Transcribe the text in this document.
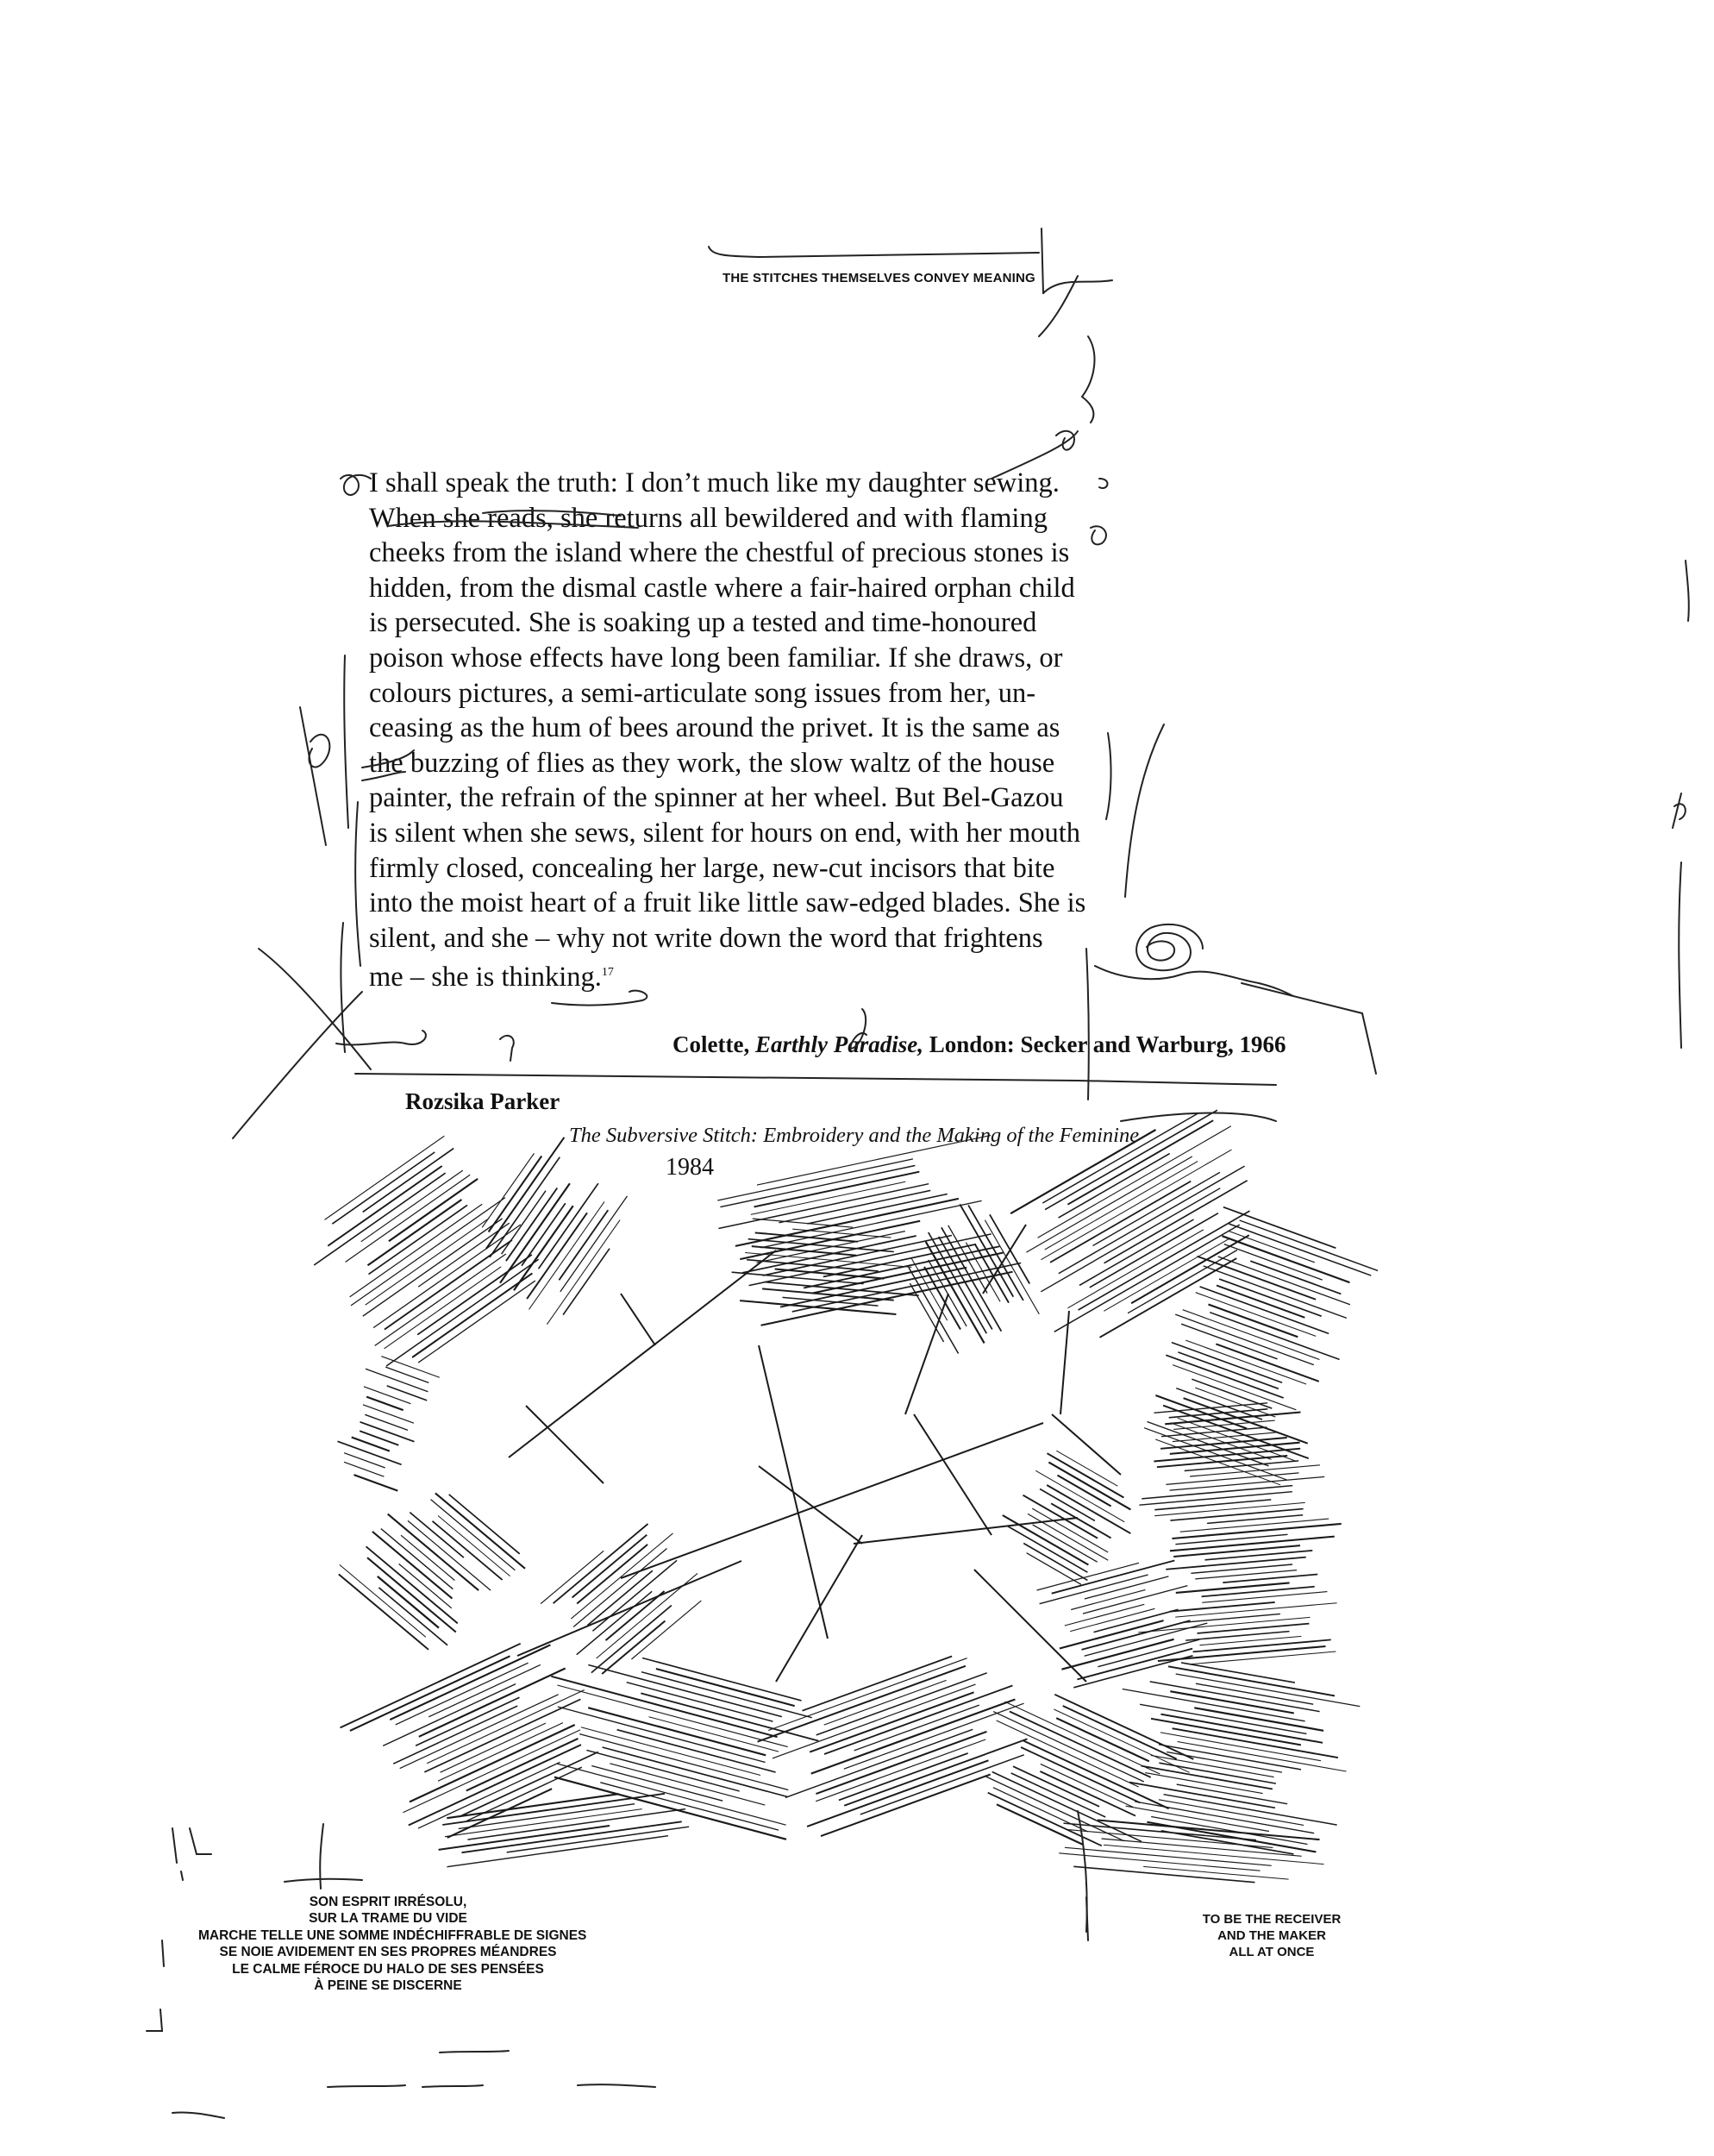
THE STITCHES THEMSELVES CONVEY MEANING
I shall speak the truth: I don’t much like my daughter sewing.
When she reads, she returns all bewildered and with flaming
cheeks from the island where the chestful of precious stones is
hidden, from the dismal castle where a fair-haired orphan child
is persecuted. She is soaking up a tested and time-honoured
poison whose effects have long been familiar. If she draws, or
colours pictures, a semi-articulate song issues from her, un-
ceasing as the hum of bees around the privet. It is the same as
the buzzing of flies as they work, the slow waltz of the house
painter, the refrain of the spinner at her wheel. But Bel-Gazou
is silent when she sews, silent for hours on end, with her mouth
firmly closed, concealing her large, new-cut incisors that bite
into the moist heart of a fruit like little saw-edged blades. She is
silent, and she – why not write down the word that frightens
me – she is thinking.$^{17}$
Colette, Earthly Paradise, London: Secker and Warburg, 1966
Rozsika Parker
The Subversive Stitch: Embroidery and the Making of the Feminine
1984
SON ESPRIT IRRÉSOLU,
SUR LA TRAME DU VIDE
MARCHE TELLE UNE SOMME INDÉCHIFFRABLE DE SIGNES
SE NOIE AVIDEMENT EN SES PROPRES MÉANDRES
LE CALME FÉROCE DU HALO DE SES PENSÉES
À PEINE SE DISCERNE
TO BE THE RECEIVER
AND THE MAKER
ALL AT ONCE
